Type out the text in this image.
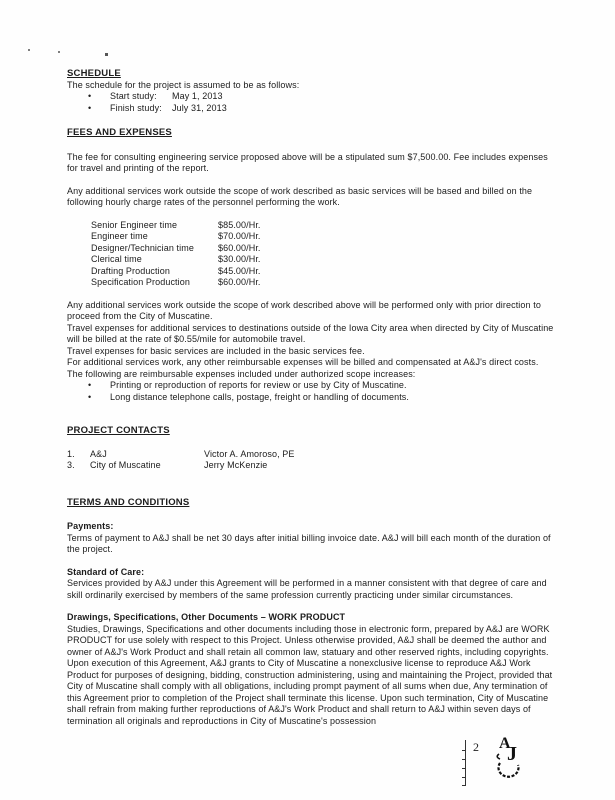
SCHEDULE
The schedule for the project is assumed to be as follows:
•
Start study:	May 1, 2013
•
Finish study:	July 31, 2013
FEES AND EXPENSES

The fee for consulting engineering service proposed above will be a stipulated sum $7,500.00. Fee includes expenses for travel and printing of the report.

Any additional services work outside the scope of work described as basic services will be based and billed on the following hourly charge rates of the personnel performing the work.

Senior Engineer time	$85.00/Hr.
Engineer time	$70.00/Hr.
Designer/Technician time	$60.00/Hr.
Clerical time	$30.00/Hr.
Drafting Production	$45.00/Hr.
Specification Production	$60.00/Hr.

Any additional services work outside the scope of work described above will be performed only with prior direction to proceed from the City of Muscatine.

Travel expenses for additional services to destinations outside of the Iowa City area when directed by City of Muscatine will be billed at the rate of $0.55/mile for automobile travel.

Travel expenses for basic services are included in the basic services fee.

For additional services work, any other reimbursable expenses will be billed and compensated at A&J's direct costs.

The following are reimbursable expenses included under authorized scope increases:

•
Printing or reproduction of reports for review or use by City of Muscatine.
•
Long distance telephone calls, postage, freight or handling of documents.
PROJECT CONTACTS
1.	A&J	Victor A. Amoroso, PE
3.	City of Muscatine	Jerry McKenzie
TERMS AND CONDITIONS
Payments:

Terms of payment to A&J shall be net 30 days after initial billing invoice date. A&J will bill each month of the duration of the project.

Standard of Care:

Services provided by A&J under this Agreement will be performed in a manner consistent with that degree of care and skill ordinarily exercised by members of the same profession currently practicing under similar circumstances.

Drawings, Specifications, Other Documents – WORK PRODUCT

Studies, Drawings, Specifications and other documents including those in electronic form, prepared by A&J are WORK PRODUCT for use solely with respect to this Project. Unless otherwise provided, A&J shall be deemed the author and owner of A&J's Work Product and shall retain all common law, statuary and other reserved rights, including copyrights.

Upon execution of this Agreement, A&J grants to City of Muscatine a nonexclusive license to reproduce A&J Work Product for purposes of designing, bidding, construction administering, using and maintaining the Project, provided that City of Muscatine shall comply with all obligations, including prompt payment of all sums when due, Any termination of this Agreement prior to completion of the Project shall terminate this license. Upon such termination, City of Muscatine shall refrain from making further reproductions of A&J's Work Product and shall return to A&J within seven days of termination all originals and reproductions in City of Muscatine's possession

2 A
J
